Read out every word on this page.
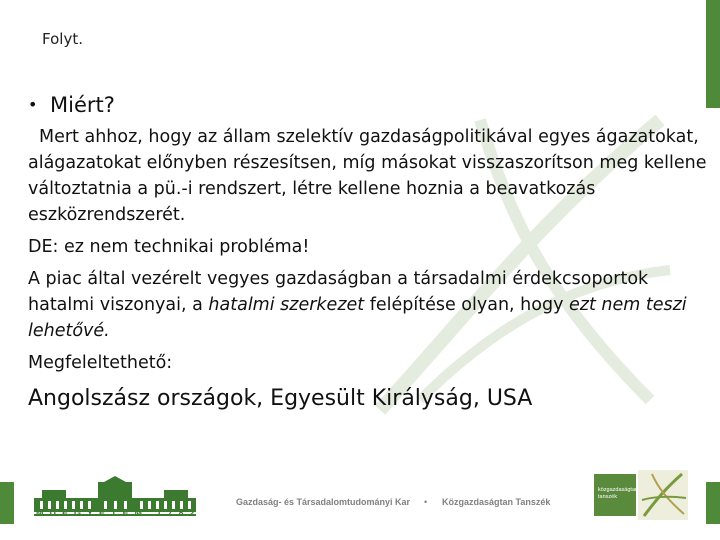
Folyt.
• Miért?

Mert ahhoz, hogy az állam szelektív gazdaságpolitikával egyes ágazatokat, alágazatokat előnyben részesítsen, míg másokat visszaszorítson meg kellene változtatnia a pü.-i rendszert, létre kellene hoznia a beavatkozás eszközrendszerét.

DE: ez nem technikai probléma!

A piac által vezérelt vegyes gazdaságban a társadalmi érdekcsoportok hatalmi viszonyai, a hatalmi szerkezet felépítése olyan, hogy ezt nem teszi lehetővé.

Megfeleltethető:

Angolszász országok, Egyesült Királyság, USA
MŰEGYETEM 1782
Gazdaság- és Társadalomtudományi Kar • Közgazdaságtan Tanszék
közgazdaságtan
tanszék
